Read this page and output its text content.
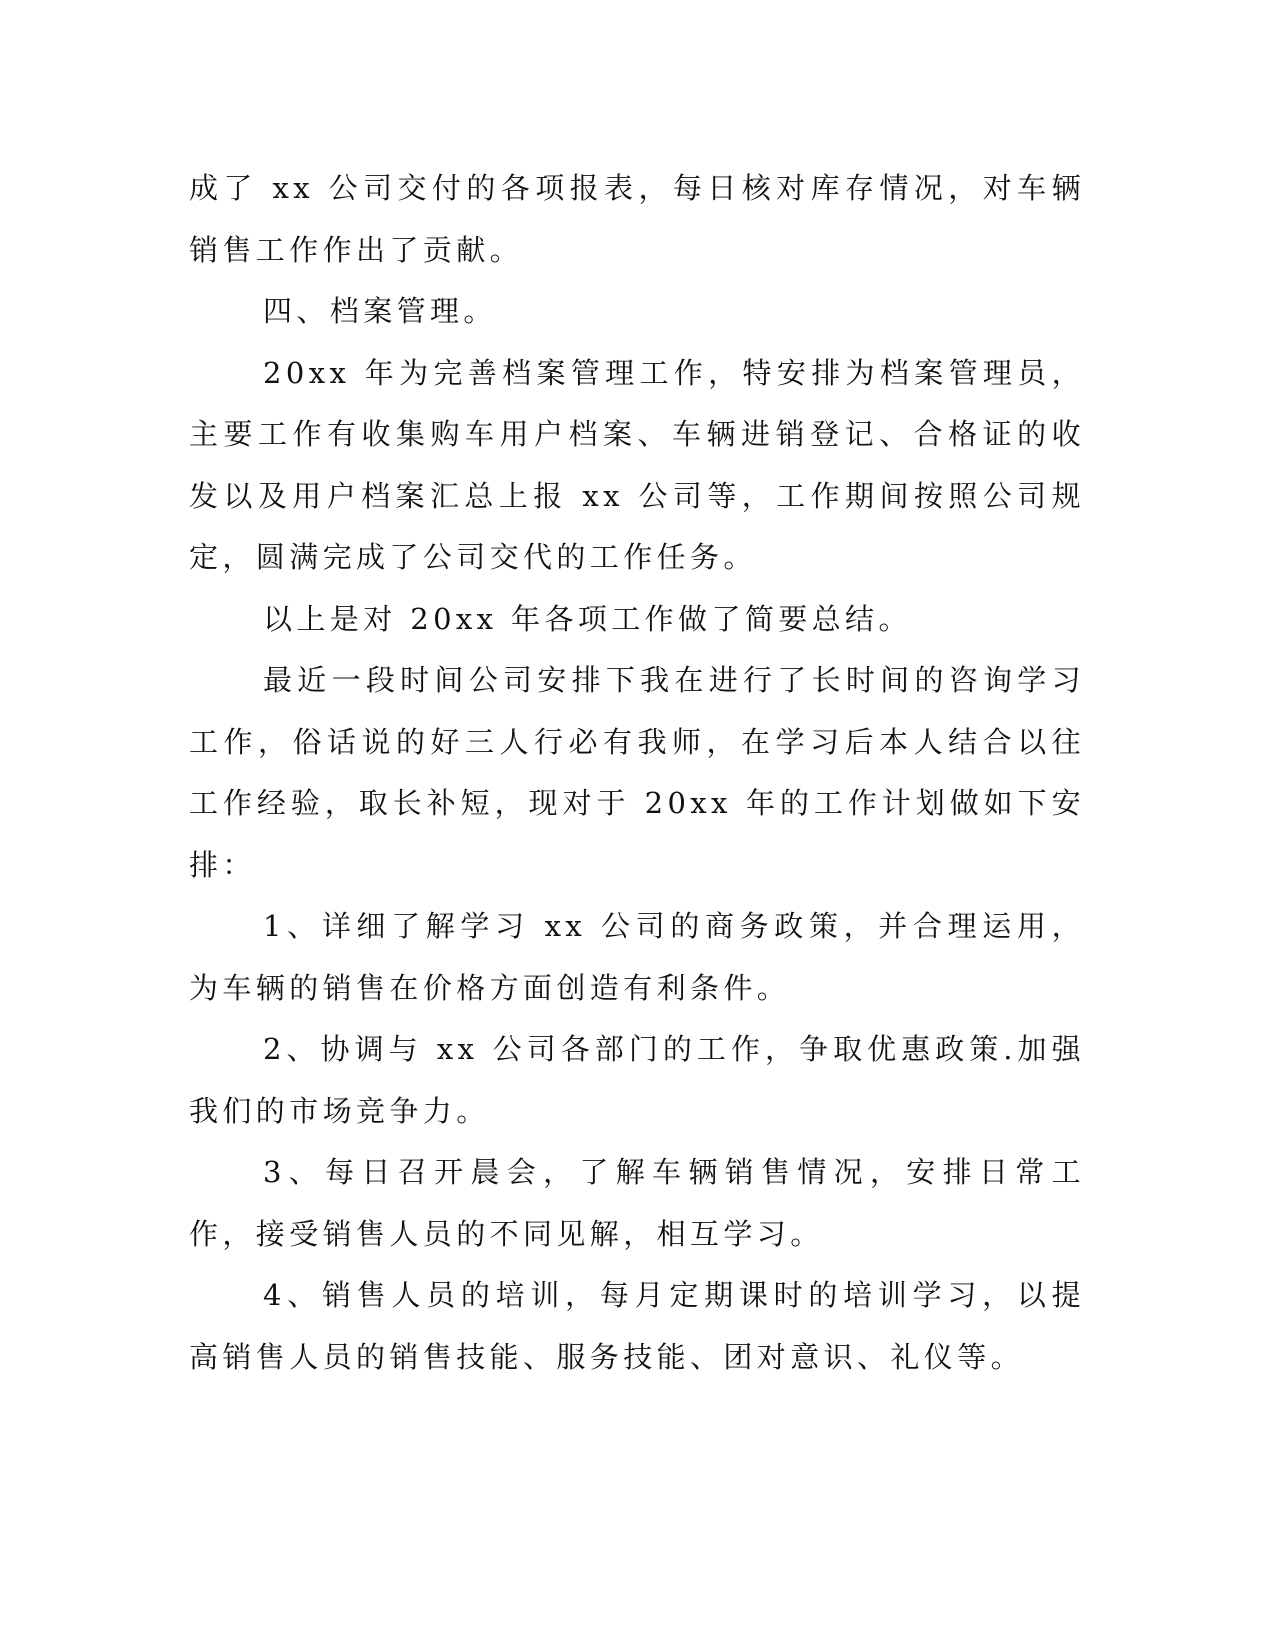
成了 xx 公司交付的各项报表，每日核对库存情况，对车辆销售工作作出了贡献。

四、档案管理。

20xx 年为完善档案管理工作，特安排为档案管理员，主要工作有收集购车用户档案、车辆进销登记、合格证的收发以及用户档案汇总上报 xx 公司等，工作期间按照公司规定，圆满完成了公司交代的工作任务。

以上是对 20xx 年各项工作做了简要总结。

最近一段时间公司安排下我在进行了长时间的咨询学习工作，俗话说的好三人行必有我师，在学习后本人结合以往工作经验，取长补短，现对于 20xx 年的工作计划做如下安排：

1、详细了解学习 xx 公司的商务政策，并合理运用，为车辆的销售在价格方面创造有利条件。

2、协调与 xx 公司各部门的工作，争取优惠政策.加强我们的市场竞争力。

3、每日召开晨会，了解车辆销售情况，安排日常工作，接受销售人员的不同见解，相互学习。

4、销售人员的培训，每月定期课时的培训学习，以提高销售人员的销售技能、服务技能、团对意识、礼仪等。
